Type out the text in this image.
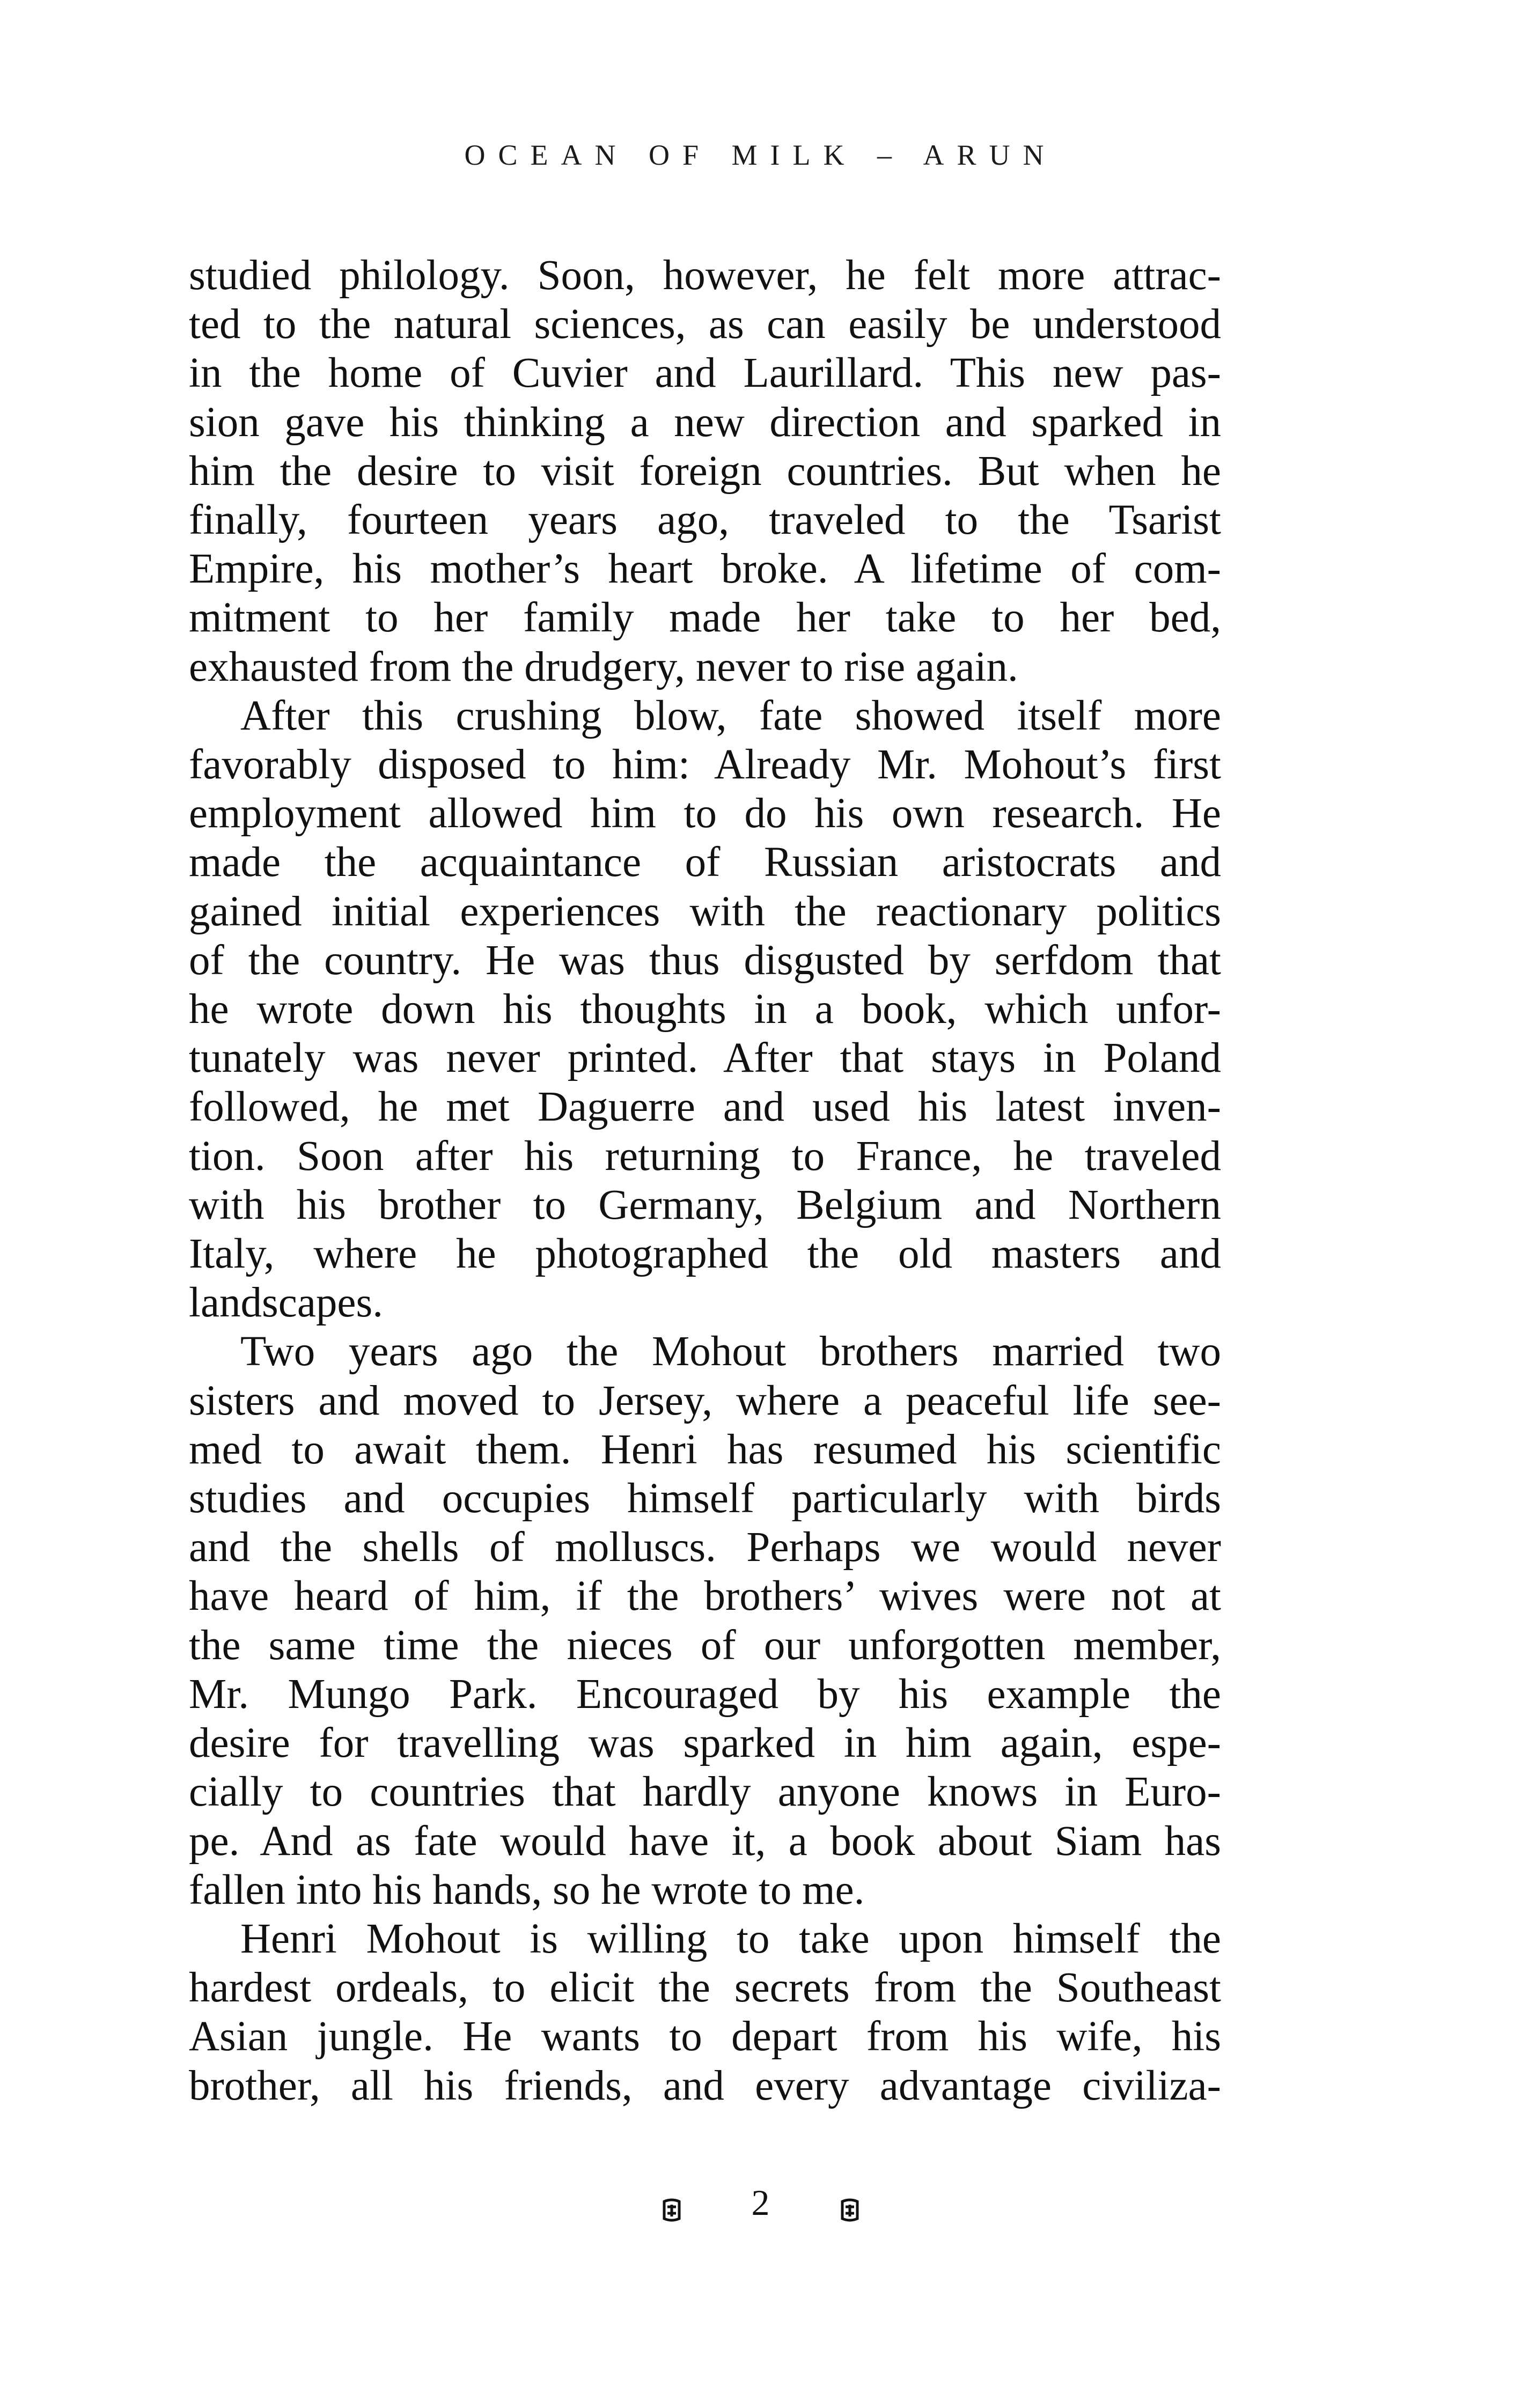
OCEAN OF MILK – ARUN

studied philology. Soon, however, he felt more attrac-
ted to the natural sciences, as can easily be understood
in the home of Cuvier and Laurillard. This new pas-
sion gave his thinking a new direction and sparked in
him the desire to visit foreign countries. But when he
finally, fourteen years ago, traveled to the Tsarist
Empire, his mother’s heart broke. A lifetime of com-
mitment to her family made her take to her bed,
exhausted from the drudgery, never to rise again.

After this crushing blow, fate showed itself more
favorably disposed to him: Already Mr. Mohout’s first
employment allowed him to do his own research. He
made the acquaintance of Russian aristocrats and
gained initial experiences with the reactionary politics
of the country. He was thus disgusted by serfdom that
he wrote down his thoughts in a book, which unfor-
tunately was never printed. After that stays in Poland
followed, he met Daguerre and used his latest inven-
tion. Soon after his returning to France, he traveled
with his brother to Germany, Belgium and Northern
Italy, where he photographed the old masters and
landscapes.

Two years ago the Mohout brothers married two
sisters and moved to Jersey, where a peaceful life see-
med to await them. Henri has resumed his scientific
studies and occupies himself particularly with birds
and the shells of molluscs. Perhaps we would never
have heard of him, if the brothers’ wives were not at
the same time the nieces of our unforgotten member,
Mr. Mungo Park. Encouraged by his example the
desire for travelling was sparked in him again, espe-
cially to countries that hardly anyone knows in Euro-
pe. And as fate would have it, a book about Siam has
fallen into his hands, so he wrote to me.

Henri Mohout is willing to take upon himself the
hardest ordeals, to elicit the secrets from the Southeast
Asian jungle. He wants to depart from his wife, his
brother, all his friends, and every advantage civiliza-

2
